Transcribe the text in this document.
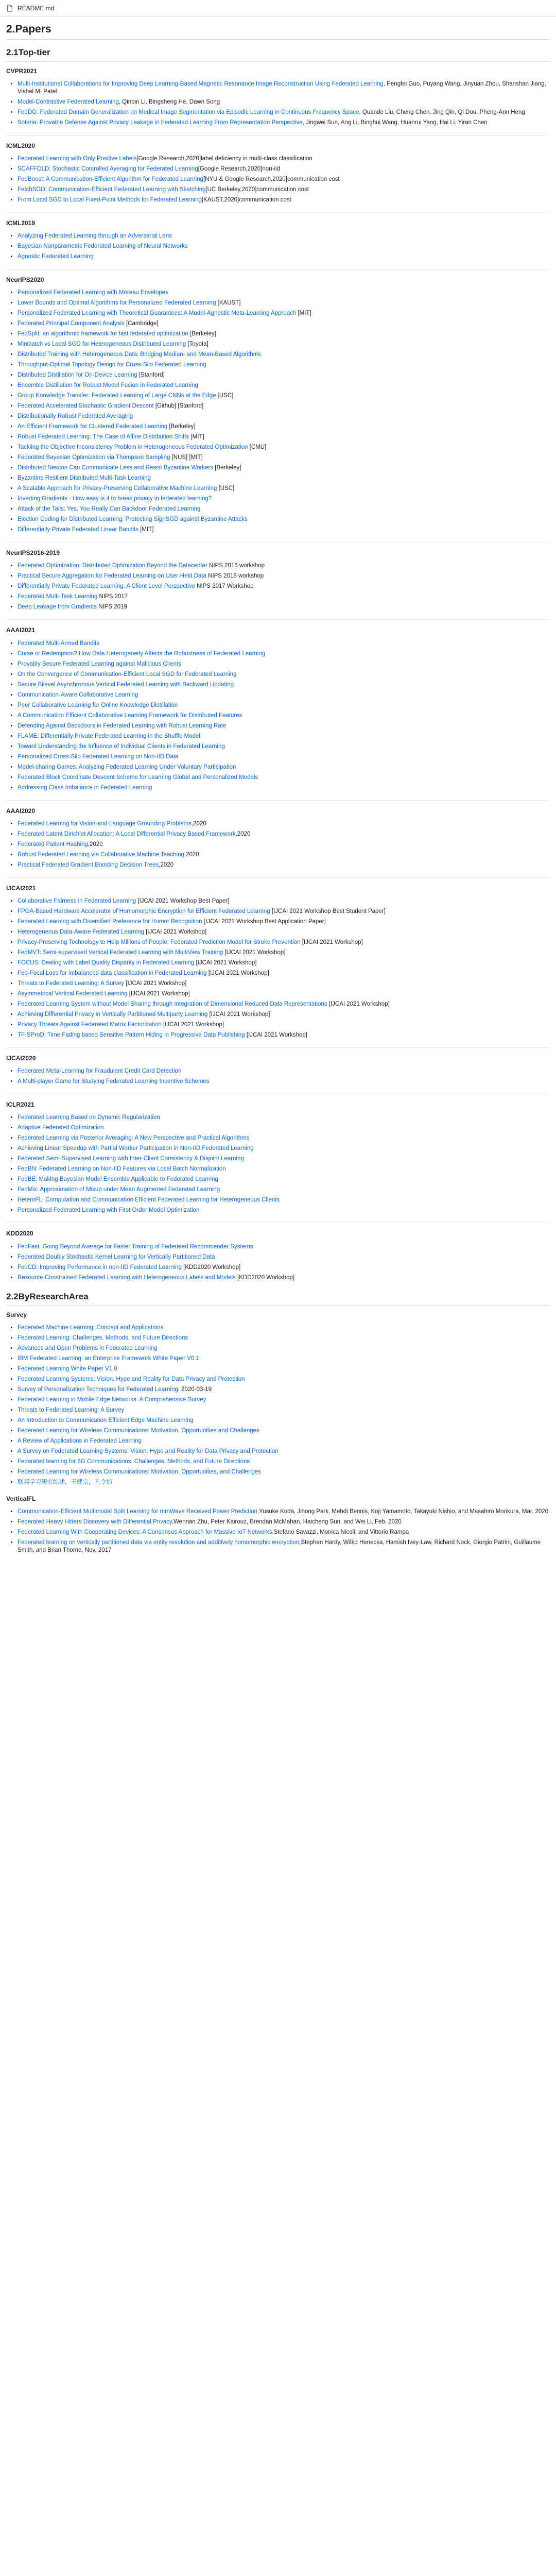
README.md
2.Papers
2.1Top-tier
CVPR2021
• Multi-Institutional Collaborations for Improving Deep Learning-Based Magnetic Resonance Image Reconstruction Using Federated Learning, Pengfei Guo, Puyang Wang, Jinyuan Zhou, Shanshan Jiang, Vishal M. Patel
• Model-Contrastive Federated Learning, Qinbin Li, Bingsheng He, Dawn Song
• FedDG: Federated Domain Generalization on Medical Image Segmentation via Episodic Learning in Continuous Frequency Space, Quande Liu, Cheng Chen, Jing Qin, Qi Dou, Pheng-Ann Heng
• Soteria: Provable Defense Against Privacy Leakage in Federated Learning From Representation Perspective, Jingwei Sun, Ang Li, Binghui Wang, Huanrui Yang, Hai Li, Yiran Chen
ICML2020
• Federated Learning with Only Positive Labels[Google Research,2020]label deficiency in multi-class classification
• SCAFFOLD: Stochastic Controlled Averaging for Federated Learning[Google Research,2020]non-iid
• FedBoost: A Communication-Efficient Algorithm for Federated Learning[NYU & Google Research,2020]communication cost
• FetchSGD: Communication-Efficient Federated Learning with Sketching[UC Berkeley,2020]communication cost
• From Local SGD to Local Fixed-Point Methods for Federated Learning[KAUST,2020]communication cost
ICML2019
• Analyzing Federated Learning through an Adversarial Lens
• Bayesian Nonparametric Federated Learning of Neural Networks
• Agnostic Federated Learning
NeurIPS2020
• Personalized Federated Learning with Moreau Envelopes
• Lower Bounds and Optimal Algorithms for Personalized Federated Learning [KAUST]
• Personalized Federated Learning with Theoretical Guarantees: A Model-Agnostic Meta-Learning Approach [MIT]
• Federated Principal Component Analysis [Cambridge]
• FedSplit: an algorithmic framework for fast federated optimization [Berkeley]
• Minibatch vs Local SGD for Heterogeneous Distributed Learning [Toyota]
• Distributed Training with Heterogeneous Data: Bridging Median- and Mean-Based Algorithms
• Throughput-Optimal Topology Design for Cross-Silo Federated Learning
• Distributed Distillation for On-Device Learning [Stanford]
• Ensemble Distillation for Robust Model Fusion in Federated Learning
• Group Knowledge Transfer: Federated Learning of Large CNNs at the Edge [USC]
• Federated Accelerated Stochastic Gradient Descent [Github] [Stanford]
• Distributionally Robust Federated Averaging
• An Efficient Framework for Clustered Federated Learning [Berkeley]
• Robust Federated Learning: The Case of Affine Distribution Shifts [MIT]
• Tackling the Objective Inconsistency Problem in Heterogeneous Federated Optimization [CMU]
• Federated Bayesian Optimization via Thompson Sampling [NUS] [MIT]
• Distributed Newton Can Communicate Less and Resist Byzantine Workers [Berkeley]
• Byzantine Resilient Distributed Multi-Task Learning
• A Scalable Approach for Privacy-Preserving Collaborative Machine Learning [USC]
• Inverting Gradients - How easy is it to break privacy in federated learning?
• Attack of the Tails: Yes, You Really Can Backdoor Federated Learning
• Election Coding for Distributed Learning: Protecting SignSGD against Byzantine Attacks
• Differentially-Private Federated Linear Bandits [MIT]
NeurIPS2016-2019
• Federated Optimization: Distributed Optimization Beyond the Datacenter NIPS 2016 workshop
• Practical Secure Aggregation for Federated Learning on User-Held Data NIPS 2016 workshop
• Differentially Private Federated Learning: A Client Level Perspective NIPS 2017 Workshop
• Federated Multi-Task Learning NIPS 2017
• Deep Leakage from Gradients NIPS 2019
AAAI2021
• Federated Multi-Armed Bandits
• Curse or Redemption? How Data Heterogeneity Affects the Robustness of Federated Learning
• Provably Secure Federated Learning against Malicious Clients
• On the Convergence of Communication-Efficient Local SGD for Federated Learning
• Secure Bilevel Asynchronous Vertical Federated Learning with Backward Updating
• Communication-Aware Collaborative Learning
• Peer Collaborative Learning for Online Knowledge Distillation
• A Communication Efficient Collaborative Learning Framework for Distributed Features
• Defending Against Backdoors in Federated Learning with Robust Learning Rate
• FLAME: Differentially Private Federated Learning in the Shuffle Model
• Toward Understanding the Influence of Individual Clients in Federated Learning
• Personalized Cross-Silo Federated Learning on Non-IID Data
• Model-sharing Games: Analyzing Federated Learning Under Voluntary Participation
• Federated Block Coordinate Descent Scheme for Learning Global and Personalized Models
• Addressing Class Imbalance in Federated Learning
AAAI2020
• Federated Learning for Vision-and-Language Grounding Problems,2020
• Federated Latent Dirichlet Allocation: A Local Differential Privacy Based Framework,2020
• Federated Patient Hashing,2020
• Robust Federated Learning via Collaborative Machine Teaching,2020
• Practical Federated Gradient Boosting Decision Trees,2020
IJCAI2021
• Collaborative Fairness in Federated Learning [IJCAI 2021 Workshop Best Paper]
• FPGA-Based Hardware Accelerator of Homomorphic Encryption for Efficient Federated Learning [IJCAI 2021 Workshop Best Student Paper]
• Federated Learning with Diversified Preference for Humor Recognition [IJCAI 2021 Workshop Best Application Paper]
• Heterogeneous Data-Aware Federated Learning [IJCAI 2021 Workshop]
• Privacy-Preserving Technology to Help Millions of People: Federated Prediction Model for Stroke Prevention [IJCAI 2021 Workshop]
• FedMVT: Semi-supervised Vertical Federated Learning with MultiView Training [IJCAI 2021 Workshop]
• FOCUS: Dealing with Label Quality Disparity in Federated Learning [IJCAI 2021 Workshop]
• Fed-Focal Loss for imbalanced data classification in Federated Learning [IJCAI 2021 Workshop]
• Threats to Federated Learning: A Survey [IJCAI 2021 Workshop]
• Asymmetrical Vertical Federated Learning [IJCAI 2021 Workshop]
• Federated Learning System without Model Sharing through Integration of Dimensional Reduced Data Representations [IJCAI 2021 Workshop]
• Achieving Differential Privacy in Vertically Partitioned Multiparty Learning [IJCAI 2021 Workshop]
• Privacy Threats Against Federated Matrix Factorization [IJCAI 2021 Workshop]
• TF-SProD: Time Fading based Sensitive Pattern Hiding in Progressive Data Publishing [IJCAI 2021 Workshop]
IJCAI2020
• Federated Meta-Learning for Fraudulent Credit Card Detection
• A Multi-player Game for Studying Federated Learning Incentive Schemes
ICLR2021
• Federated Learning Based on Dynamic Regularization
• Adaptive Federated Optimization
• Federated Learning via Posterior Averaging: A New Perspective and Practical Algorithms
• Achieving Linear Speedup with Partial Worker Participation in Non-IID Federated Learning
• Federated Semi-Supervised Learning with Inter-Client Consistency & Disjoint Learning
• FedBN: Federated Learning on Non-IID Features via Local Batch Normalization
• FedBE: Making Bayesian Model Ensemble Applicable to Federated Learning
• FedMix: Approximation of Mixup under Mean Augmented Federated Learning
• HeteroFL: Computation and Communication Efficient Federated Learning for Heterogeneous Clients
• Personalized Federated Learning with First Order Model Optimization
KDD2020
• FedFast: Going Beyond Average for Faster Training of Federated Recommender Systems
• Federated Doubly Stochastic Kernel Learning for Vertically Partitioned Data
• FedCD: Improving Performance in non-IID Federated Learning [KDD2020 Workshop]
• Resource-Constrained Federated Learning with Heterogeneous Labels and Models [KDD2020 Workshop]
2.2ByResearchArea
Survey
• Federated Machine Learning: Concept and Applications
• Federated Learning: Challenges, Methods, and Future Directions
• Advances and Open Problems in Federated Learning
• IBM Federated Learning: an Enterprise Framework White Paper V0.1
• Federated Learning White Paper V1.0
• Federated Learning Systems: Vision, Hype and Reality for Data Privacy and Protection
• Survey of Personalization Techniques for Federated Learning. 2020-03-19
• Federated Learning in Mobile Edge Networks: A Comprehensive Survey
• Threats to Federated Learning: A Survey
• An Introduction to Communication Efficient Edge Machine Learning
• Federated Learning for Wireless Communications: Motivation, Opportunities and Challenges
• A Review of Applications in Federated Learning
• A Survey on Federated Learning Systems: Vision, Hype and Reality for Data Privacy and Protection
• Federated learning for 6G Communications: Challenges, Methods, and Future Directions
• Federated Learning for Wireless Communications: Motivation, Opportunities, and Challenges
• 联邦学习研究综述，王健宗，孔令炜
VerticalFL
• Communication-Efficient Multimodal Split Learning for mmWave Received Power Prediction,Yusuke Koda, Jihong Park, Mehdi Bennis, Koji Yamamoto, Takayuki Nishio, and Masahiro Morikura, Mar. 2020
• Federated Heavy Hitters Discovery with Differential Privacy,Wennan Zhu, Peter Kairouz, Brendan McMahan, Haicheng Sun, and Wei Li, Feb. 2020
• Federated Learning With Cooperating Devices: A Consensus Approach for Massive IoT Networks,Stefano Savazzi, Monica Nicoli, and Vittorio Rampa
• Federated learning on vertically partitioned data via entity resolution and additively homomorphic encryption,Stephen Hardy, Wilko Henecka, Hamish Ivey-Law, Richard Nock, Giorgio Patrini, Guillaume Smith, and Brian Thorne, Nov. 2017
